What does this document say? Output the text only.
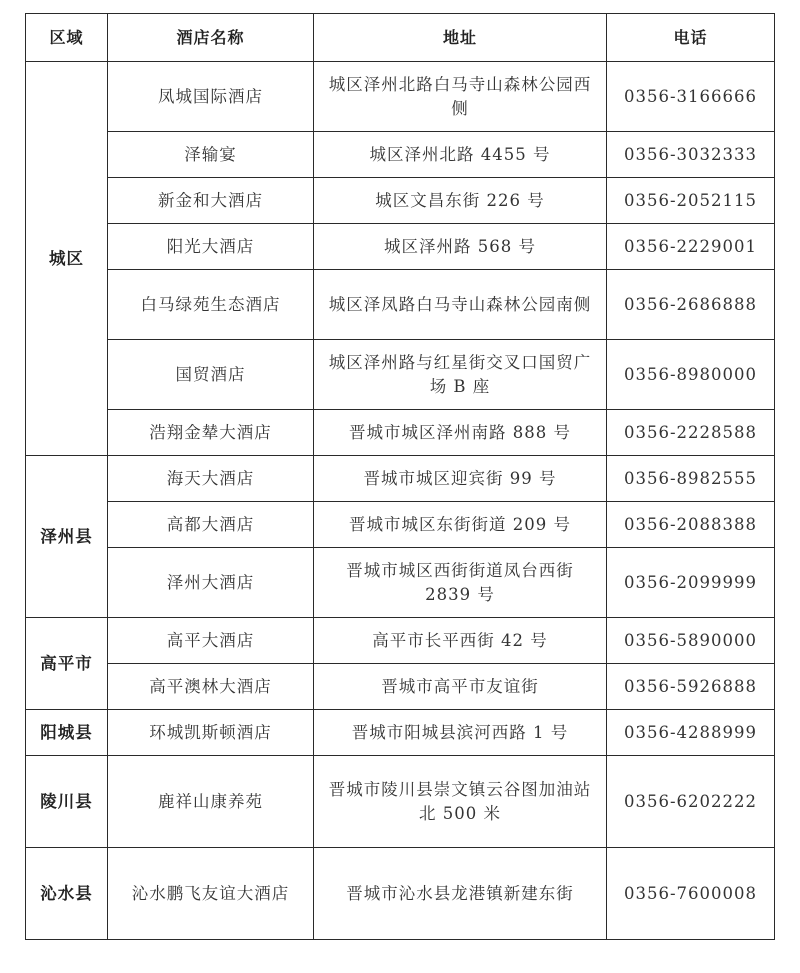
区域	酒店名称	地址	电话
城区	凤城国际酒店	城区泽州北路白马寺山森林公园西侧	0356-3166666
	泽输宴	城区泽州北路 4455 号	0356-3032333
	新金和大酒店	城区文昌东街 226 号	0356-2052115
	阳光大酒店	城区泽州路 568 号	0356-2229001
	白马绿苑生态酒店	城区泽凤路白马寺山森林公园南侧	0356-2686888
	国贸酒店	城区泽州路与红星街交叉口国贸广场 B 座	0356-8980000
	浩翔金辇大酒店	晋城市城区泽州南路 888 号	0356-2228588
泽州县	海天大酒店	晋城市城区迎宾街 99 号	0356-8982555
	高都大酒店	晋城市城区东街街道 209 号	0356-2088388
	泽州大酒店	晋城市城区西街街道凤台西街 2839 号	0356-2099999
高平市	高平大酒店	高平市长平西街 42 号	0356-5890000
	高平澳林大酒店	晋城市高平市友谊街	0356-5926888
阳城县	环城凯斯顿酒店	晋城市阳城县滨河西路 1 号	0356-4288999
陵川县	鹿祥山康养苑	晋城市陵川县崇文镇云谷图加油站北 500 米	0356-6202222
沁水县	沁水鹏飞友谊大酒店	晋城市沁水县龙港镇新建东街	0356-7600008
